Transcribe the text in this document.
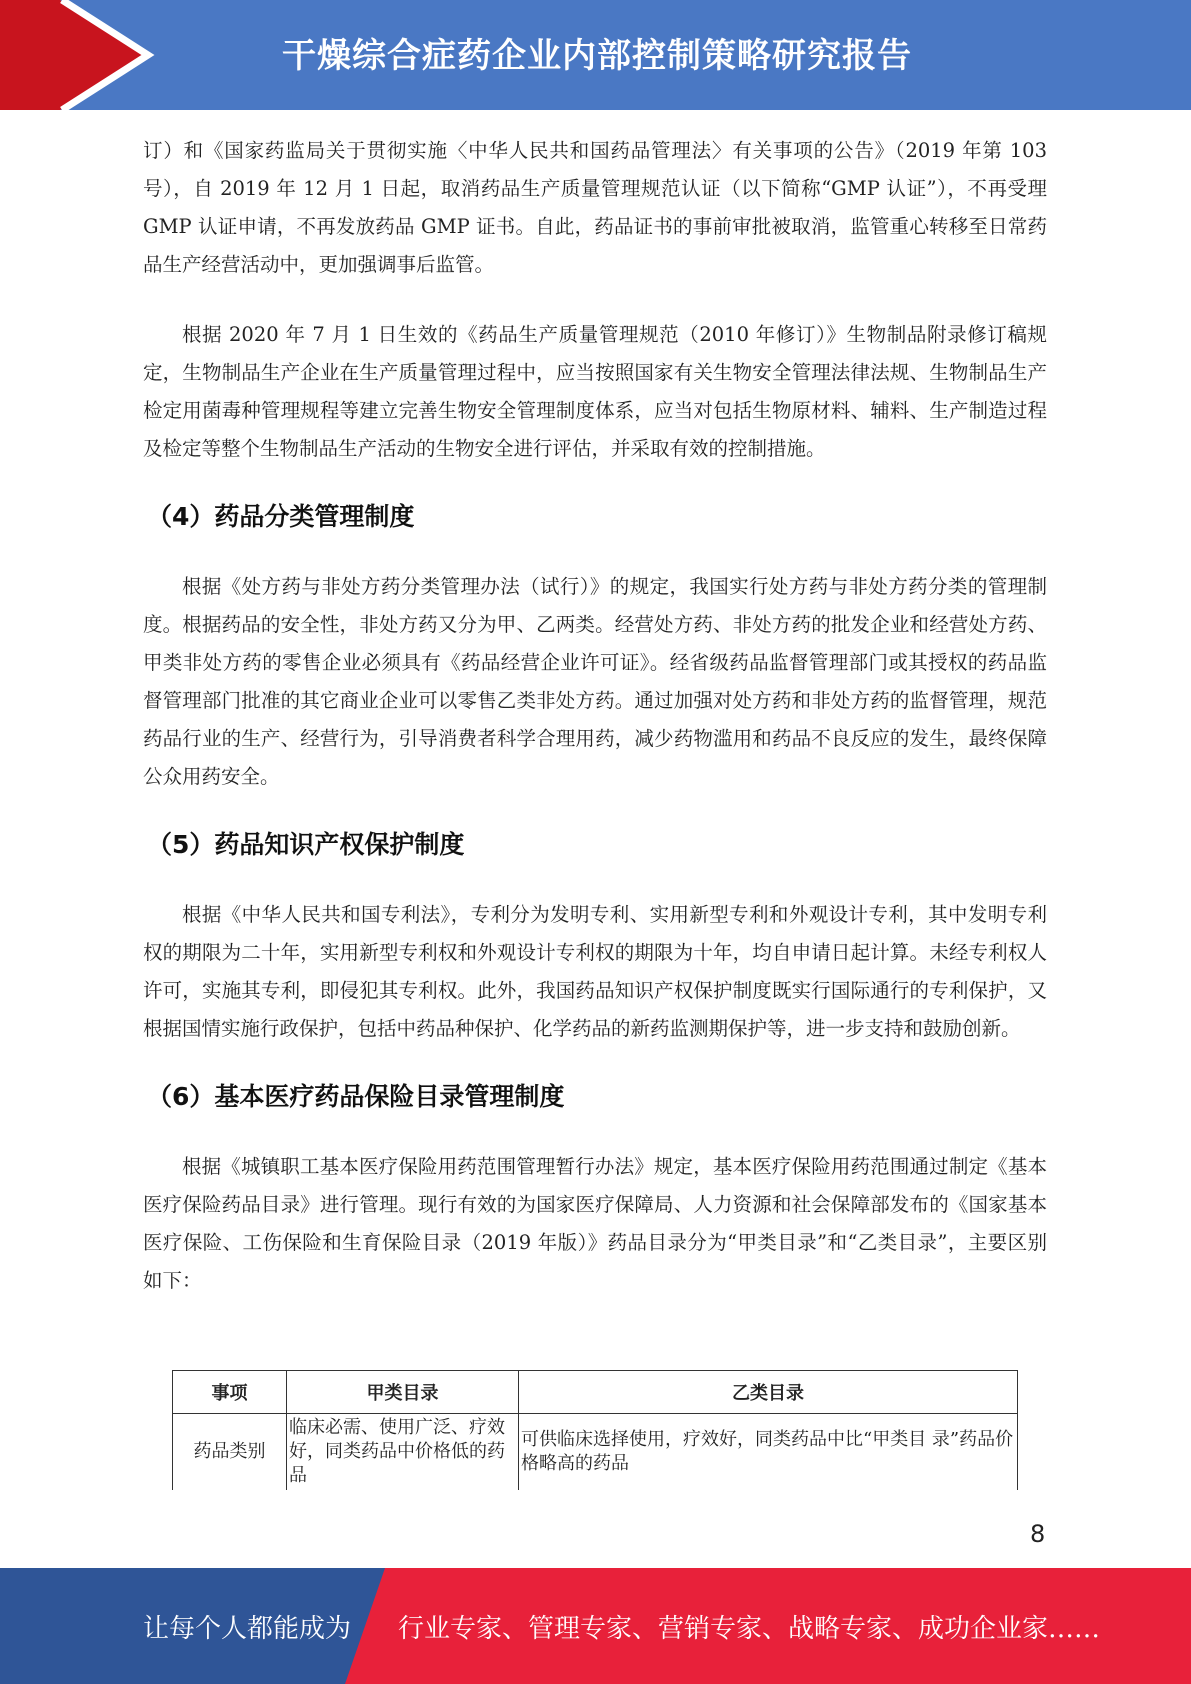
干燥综合症药企业内部控制策略研究报告

订）和《国家药监局关于贯彻实施〈中华人民共和国药品管理法〉有关事项的公告》（2019 年第 103 号），自 2019 年 12 月 1 日起，取消药品生产质量管理规范认证（以下简称“GMP 认证”），不再受理 GMP 认证申请，不再发放药品 GMP 证书。自此，药品证书的事前审批被取消，监管重心转移至日常药品生产经营活动中，更加强调事后监管。

根据 2020 年 7 月 1 日生效的《药品生产质量管理规范（2010 年修订）》生物制品附录修订稿规定，生物制品生产企业在生产质量管理过程中，应当按照国家有关生物安全管理法律法规、生物制品生产检定用菌毒种管理规程等建立完善生物安全管理制度体系，应当对包括生物原材料、辅料、生产制造过程及检定等整个生物制品生产活动的生物安全进行评估，并采取有效的控制措施。

（4）药品分类管理制度

根据《处方药与非处方药分类管理办法（试行）》的规定，我国实行处方药与非处方药分类的管理制度。根据药品的安全性，非处方药又分为甲、乙两类。经营处方药、非处方药的批发企业和经营处方药、甲类非处方药的零售企业必须具有《药品经营企业许可证》。经省级药品监督管理部门或其授权的药品监督管理部门批准的其它商业企业可以零售乙类非处方药。通过加强对处方药和非处方药的监督管理，规范药品行业的生产、经营行为，引导消费者科学合理用药，减少药物滥用和药品不良反应的发生，最终保障公众用药安全。

（5）药品知识产权保护制度

根据《中华人民共和国专利法》，专利分为发明专利、实用新型专利和外观设计专利，其中发明专利权的期限为二十年，实用新型专利权和外观设计专利权的期限为十年，均自申请日起计算。未经专利权人许可，实施其专利，即侵犯其专利权。此外，我国药品知识产权保护制度既实行国际通行的专利保护，又根据国情实施行政保护，包括中药品种保护、化学药品的新药监测期保护等，进一步支持和鼓励创新。

（6）基本医疗药品保险目录管理制度

根据《城镇职工基本医疗保险用药范围管理暂行办法》规定，基本医疗保险用药范围通过制定《基本医疗保险药品目录》进行管理。现行有效的为国家医疗保障局、人力资源和社会保障部发布的《国家基本医疗保险、工伤保险和生育保险目录（2019 年版）》药品目录分为“甲类目录”和“乙类目录”，主要区别如下：

事项	甲类目录	乙类目录
药品类别	临床必需、使用广泛、疗效好，同类药品中价格低的药品	可供临床选择使用，疗效好，同类药品中比“甲类目 录”药品价格略高的药品
8
让每个人都能成为 行业专家、管理专家、营销专家、战略专家、成功企业家……
